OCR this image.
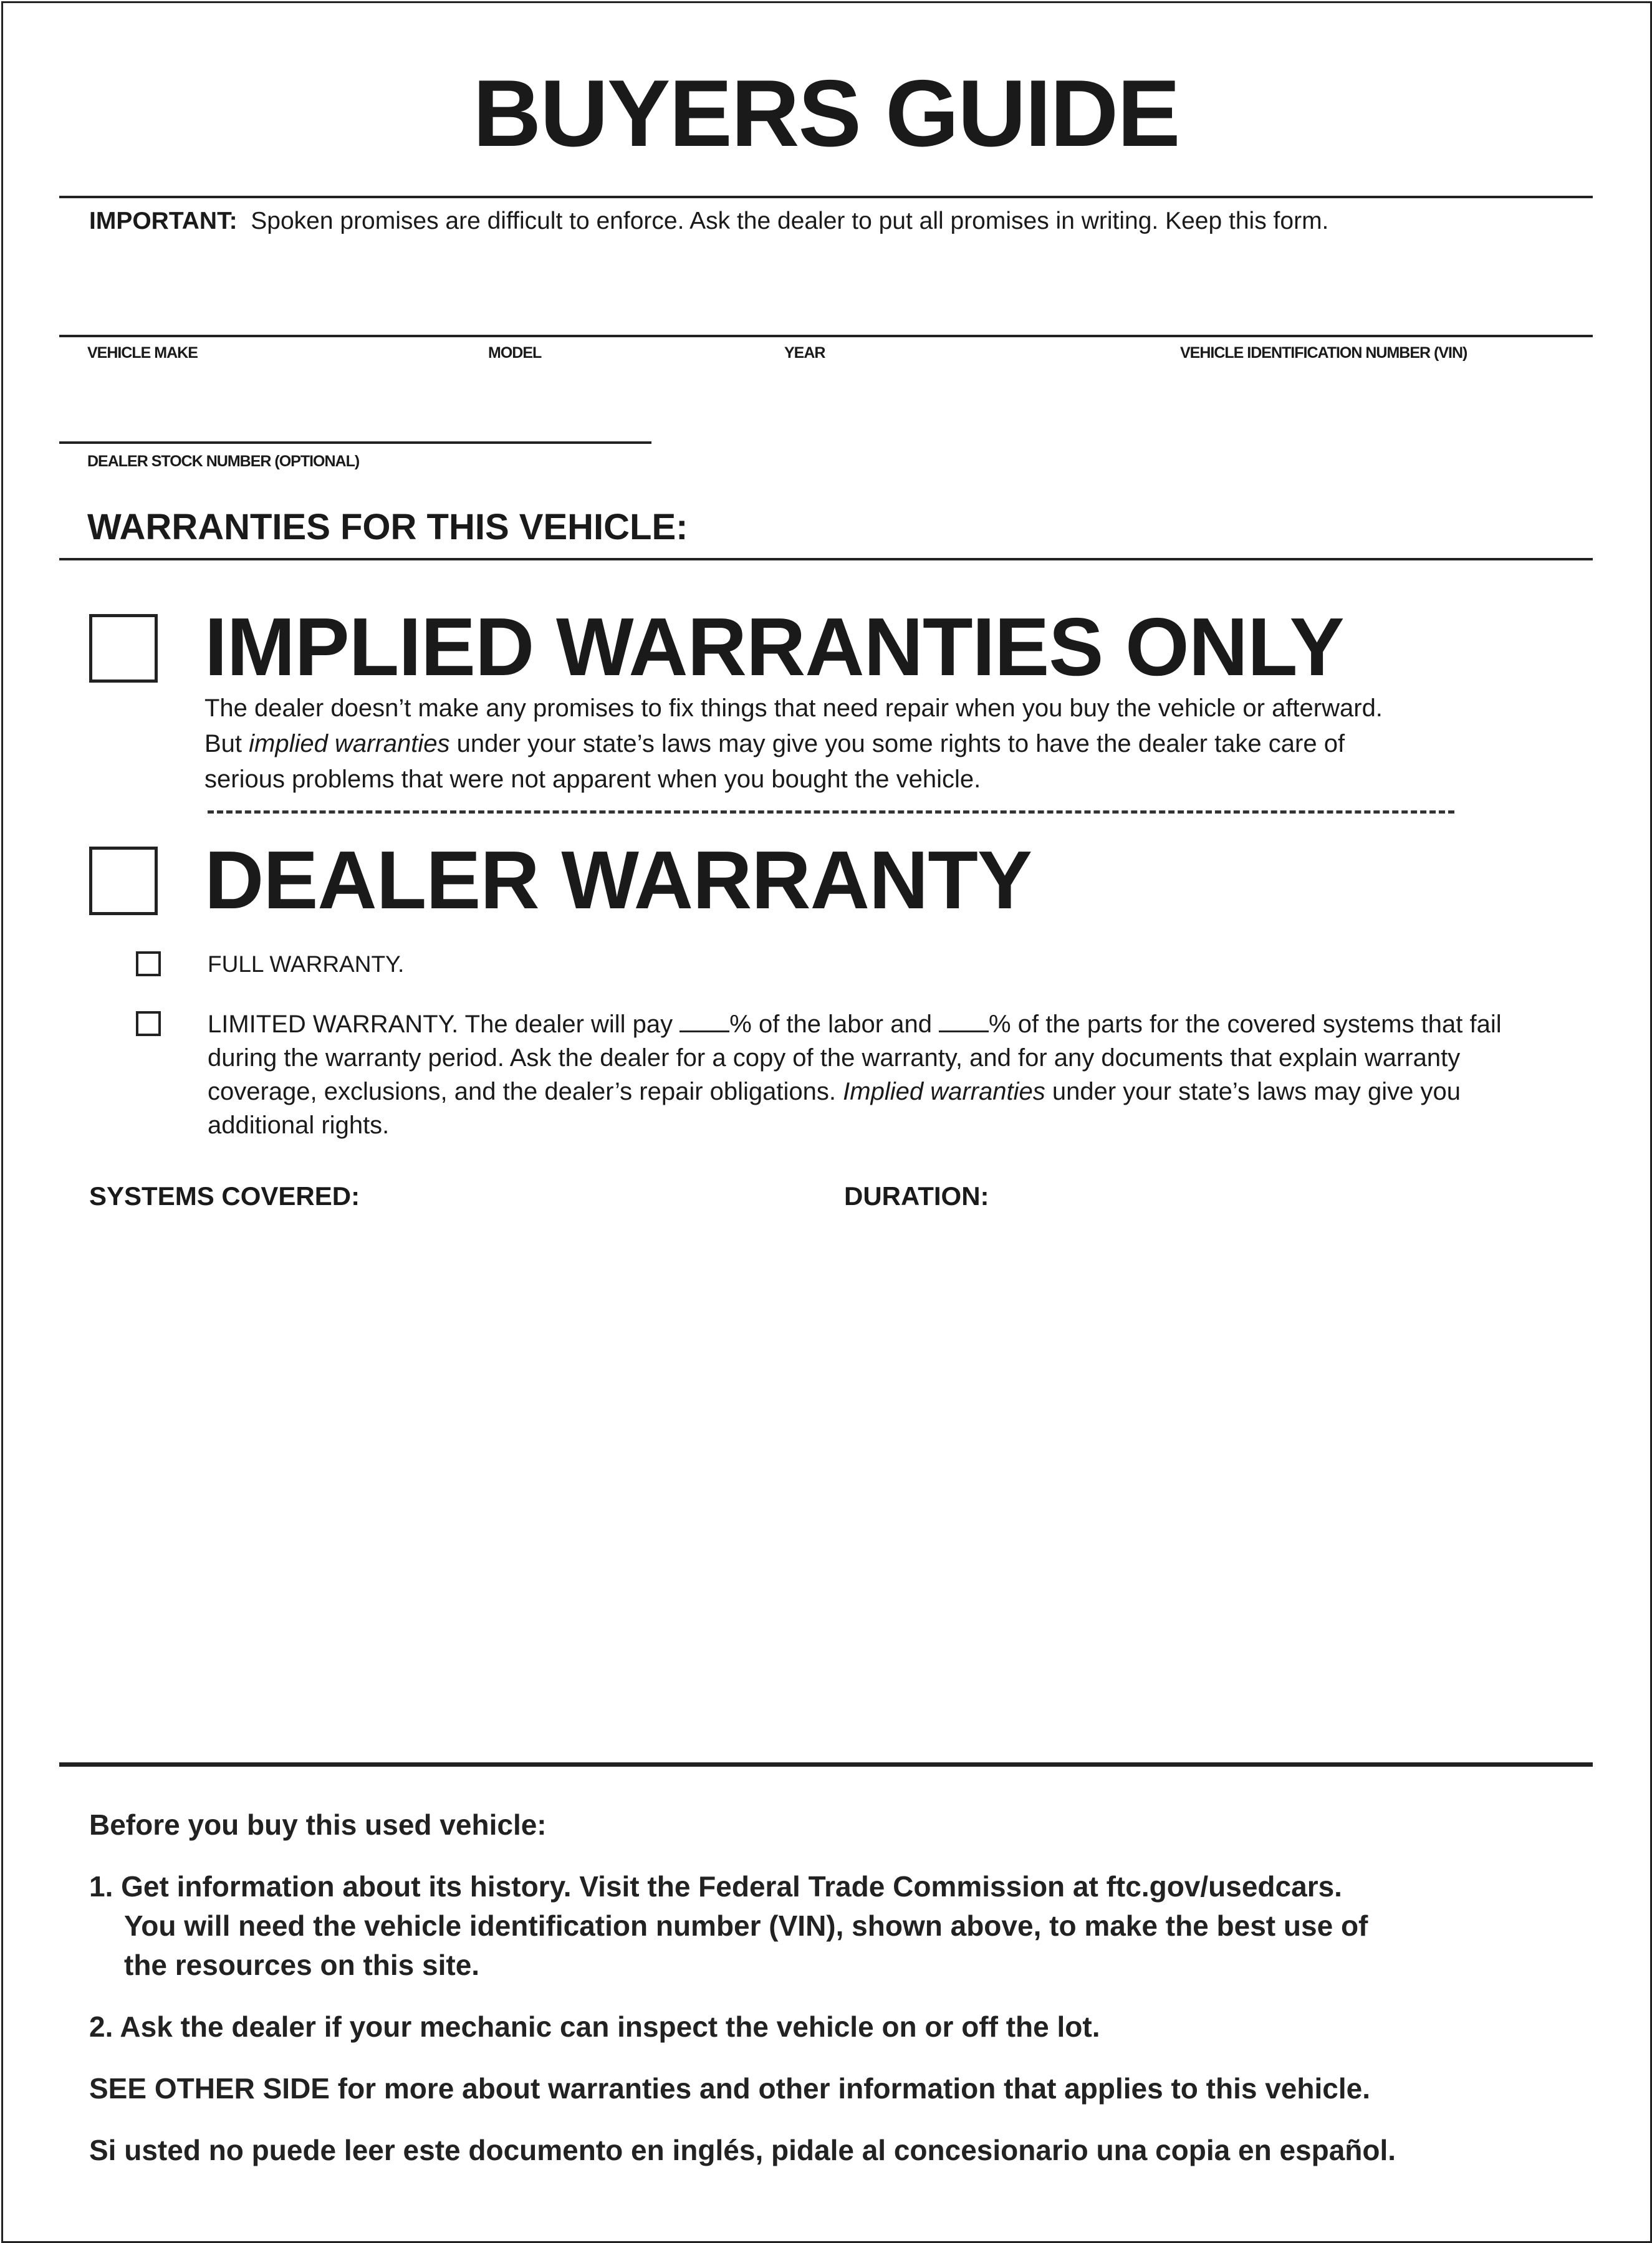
BUYERS GUIDE
IMPORTANT: Spoken promises are difficult to enforce. Ask the dealer to put all promises in writing. Keep this form.
VEHICLE MAKE	MODEL	YEAR	VEHICLE IDENTIFICATION NUMBER (VIN)
DEALER STOCK NUMBER (OPTIONAL)
WARRANTIES FOR THIS VEHICLE:
IMPLIED WARRANTIES ONLY
The dealer doesn’t make any promises to fix things that need repair when you buy the vehicle or afterward.
But implied warranties under your state’s laws may give you some rights to have the dealer take care of
serious problems that were not apparent when you bought the vehicle.
DEALER WARRANTY
FULL WARRANTY.
LIMITED WARRANTY. The dealer will pay % of the labor and % of the parts for the covered systems that fail during the warranty period. Ask the dealer for a copy of the warranty, and for any documents that explain warranty coverage, exclusions, and the dealer’s repair obligations. Implied warranties under your state’s laws may give you additional rights.
SYSTEMS COVERED:	DURATION:
Before you buy this used vehicle:
1. Get information about its history. Visit the Federal Trade Commission at ftc.gov/usedcars.
You will need the vehicle identification number (VIN), shown above, to make the best use of
the resources on this site.
2. Ask the dealer if your mechanic can inspect the vehicle on or off the lot.
SEE OTHER SIDE for more about warranties and other information that applies to this vehicle.
Si usted no puede leer este documento en inglés, pidale al concesionario una copia en español.
